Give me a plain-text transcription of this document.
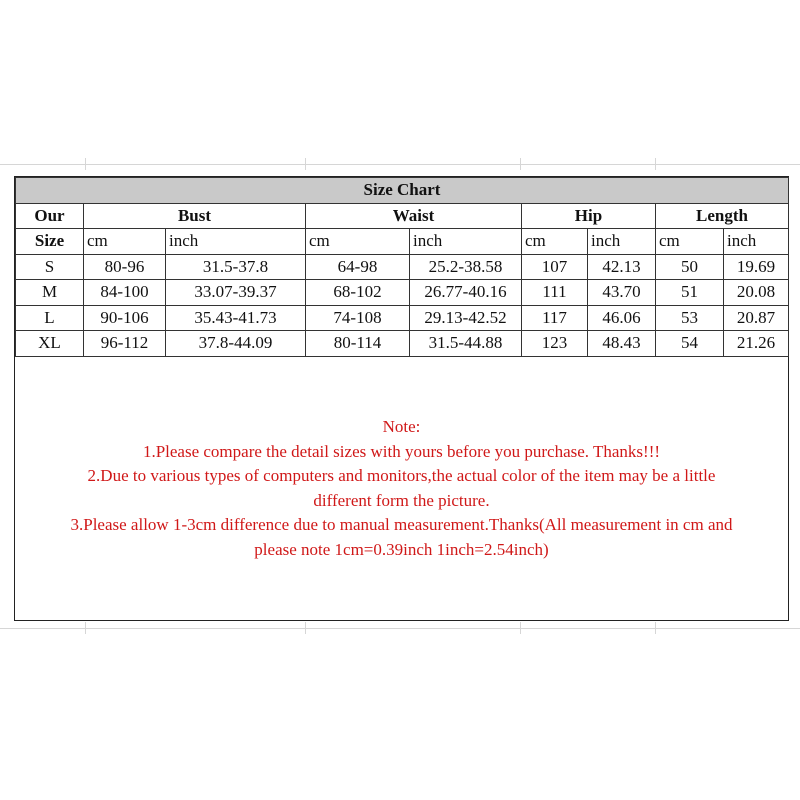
Size Chart								
Our	Bust		Waist		Hip		Length	
Size	cm	inch	cm	inch	cm	inch	cm	inch
S	80-96	31.5-37.8	64-98	25.2-38.58	107	42.13	50	19.69
M	84-100	33.07-39.37	68-102	26.77-40.16	111	43.70	51	20.08
L	90-106	35.43-41.73	74-108	29.13-42.52	117	46.06	53	20.87
XL	96-112	37.8-44.09	80-114	31.5-44.88	123	48.43	54	21.26
Note:
1.Please compare the detail sizes with yours before you purchase. Thanks!!!
2.Due to various types of computers and monitors,the actual color of the item may be a little
different form the picture.
3.Please allow 1-3cm difference due to manual measurement.Thanks(All measurement in cm and
please note 1cm=0.39inch 1inch=2.54inch)
